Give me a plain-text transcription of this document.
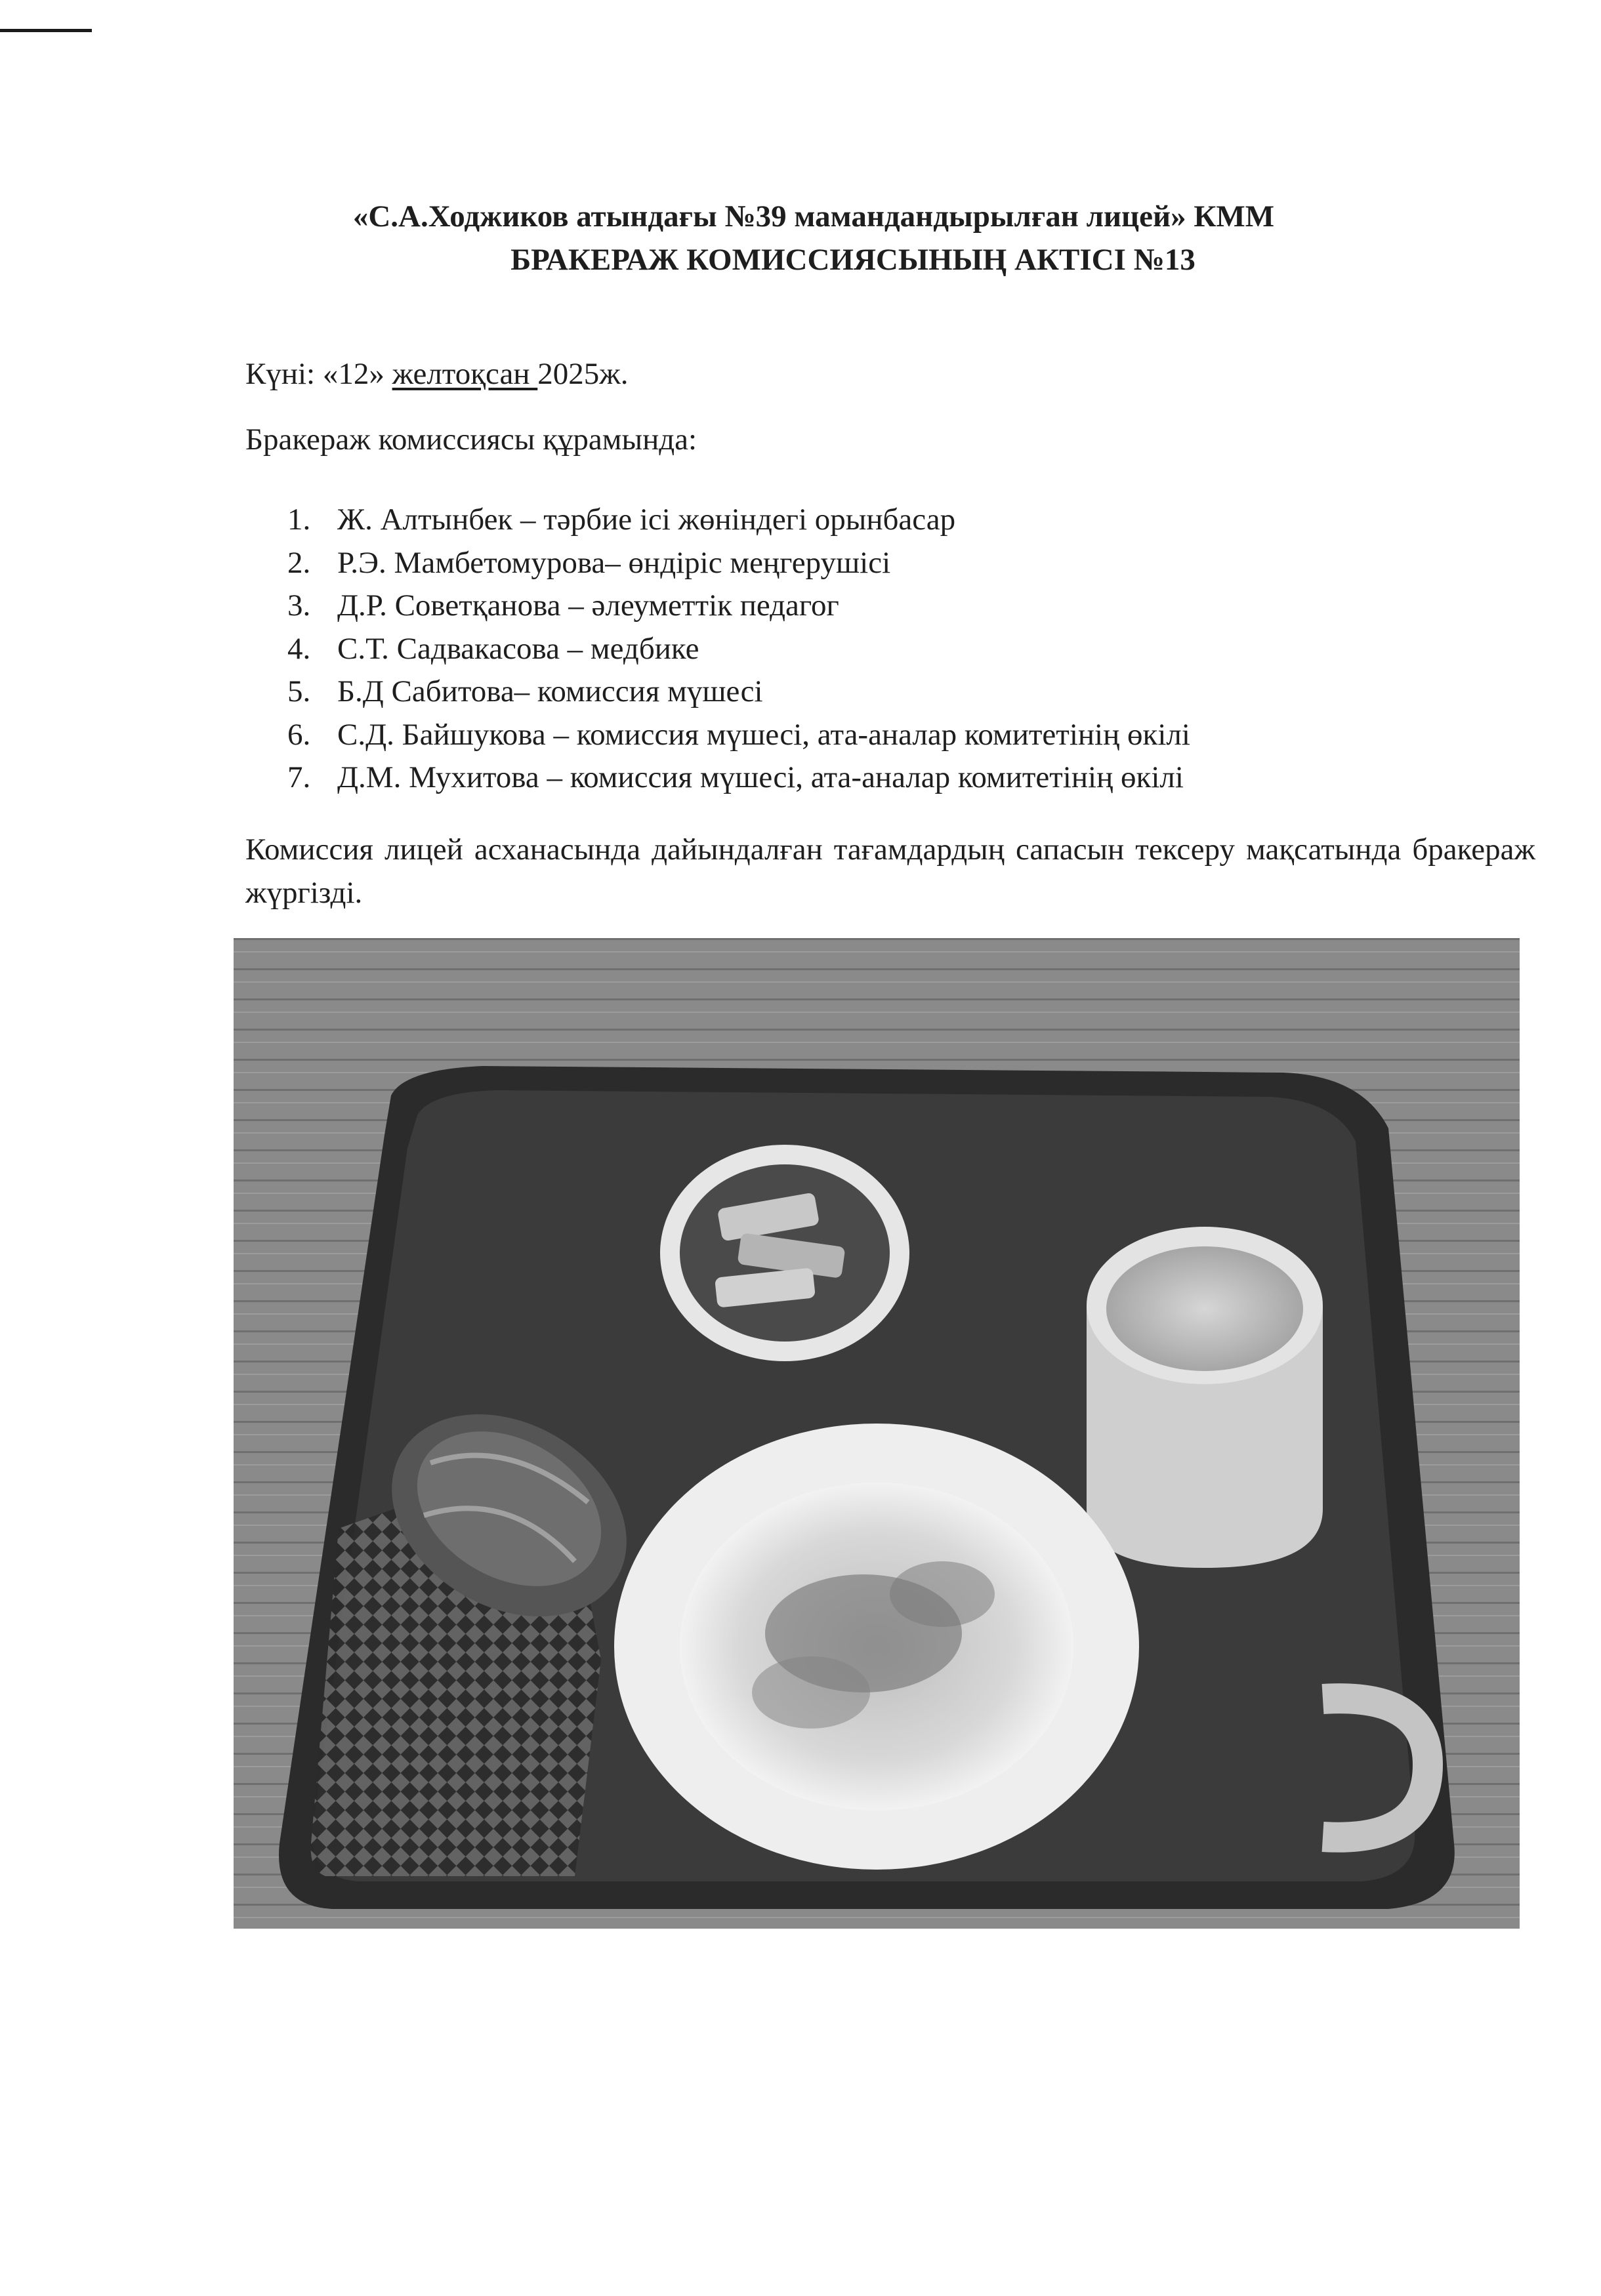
«С.А.Ходжиков атындағы №39 мамандандырылған лицей» КММ
БРАКЕРАЖ КОМИССИЯСЫНЫҢ АКТІСІ №13
Күні: «12» желтоқсан 2025ж.
Бракераж комиссиясы құрамында:
1. Ж. Алтынбек – тәрбие ісі жөніндегі орынбасар
2. Р.Э. Мамбетомурова– өндіріс меңгерушісі
3. Д.Р. Советқанова – әлеуметтік педагог
4. С.Т. Садвакасова – медбике
5. Б.Д Сабитова– комиссия мүшесі
6. С.Д. Байшукова – комиссия мүшесі, ата-аналар комитетінің өкілі
7. Д.М. Мухитова – комиссия мүшесі, ата-аналар комитетінің өкілі
Комиссия лицей асханасында дайындалған тағамдардың сапасын тексеру мақсатында бракераж жүргізді.
